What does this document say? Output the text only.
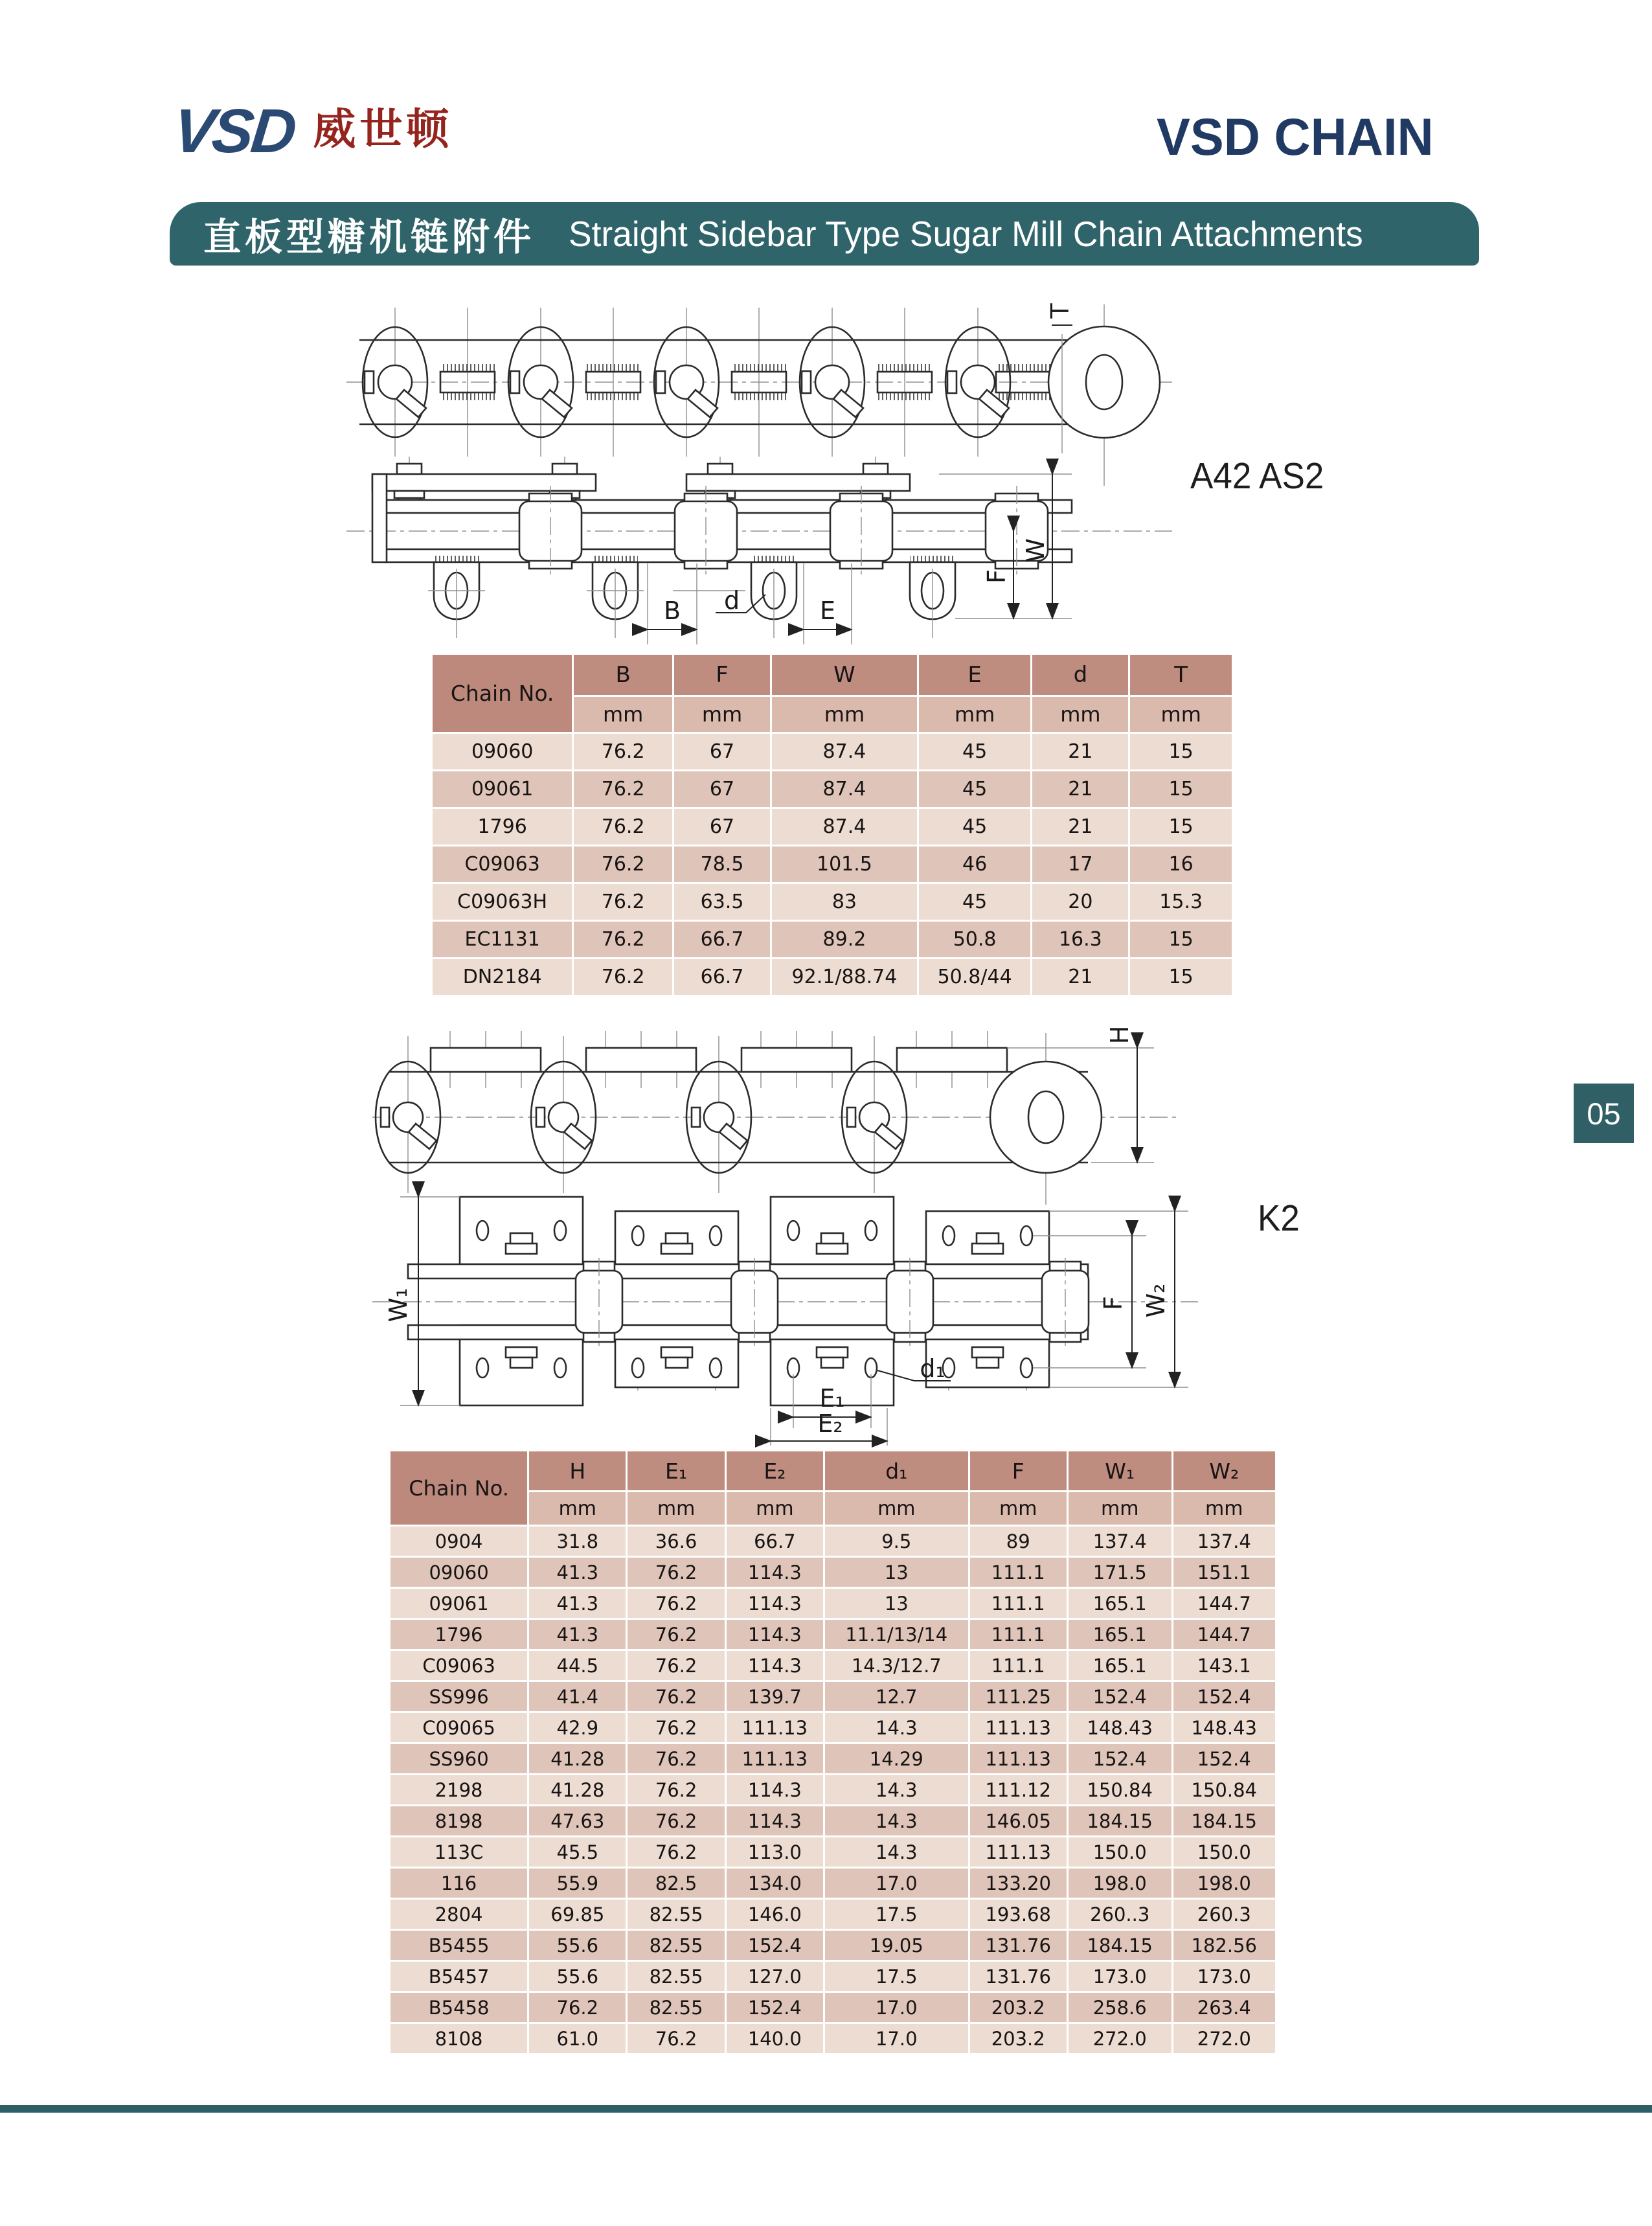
VSD 威世顿	VSD CHAIN
直板型糖机链附件 Straight Sidebar Type Sugar Mill Chain Attachments
T
B	E
d
F
W
A42 AS2
Chain No.	B	F	W	E	d	T
	mm	mm	mm	mm	mm	mm
09060	76.2	67	87.4	45	21	15
09061	76.2	67	87.4	45	21	15
1796	76.2	67	87.4	45	21	15
C09063	76.2	78.5	101.5	46	17	16
C09063H	76.2	63.5	83	45	20	15.3
EC1131	76.2	66.7	89.2	50.8	16.3	15
DN2184	76.2	66.7	92.1/88.74	50.8/44	21	15
H
W₁	F W₂
E₁
E₂
d₁
K2
Chain No.	H	E₁	E₂	d₁	F	W₁	W₂
	mm	mm	mm	mm	mm	mm	mm
0904	31.8	36.6	66.7	9.5	89	137.4	137.4
09060	41.3	76.2	114.3	13	111.1	171.5	151.1
09061	41.3	76.2	114.3	13	111.1	165.1	144.7
1796	41.3	76.2	114.3	11.1/13/14	111.1	165.1	144.7
C09063	44.5	76.2	114.3	14.3/12.7	111.1	165.1	143.1
SS996	41.4	76.2	139.7	12.7	111.25	152.4	152.4
C09065	42.9	76.2	111.13	14.3	111.13	148.43	148.43
SS960	41.28	76.2	111.13	14.29	111.13	152.4	152.4
2198	41.28	76.2	114.3	14.3	111.12	150.84	150.84
8198	47.63	76.2	114.3	14.3	146.05	184.15	184.15
113C	45.5	76.2	113.0	14.3	111.13	150.0	150.0
116	55.9	82.5	134.0	17.0	133.20	198.0	198.0
2804	69.85	82.55	146.0	17.5	193.68	260..3	260.3
B5455	55.6	82.55	152.4	19.05	131.76	184.15	182.56
B5457	55.6	82.55	127.0	17.5	131.76	173.0	173.0
B5458	76.2	82.55	152.4	17.0	203.2	258.6	263.4
8108	61.0	76.2	140.0	17.0	203.2	272.0	272.0
05
